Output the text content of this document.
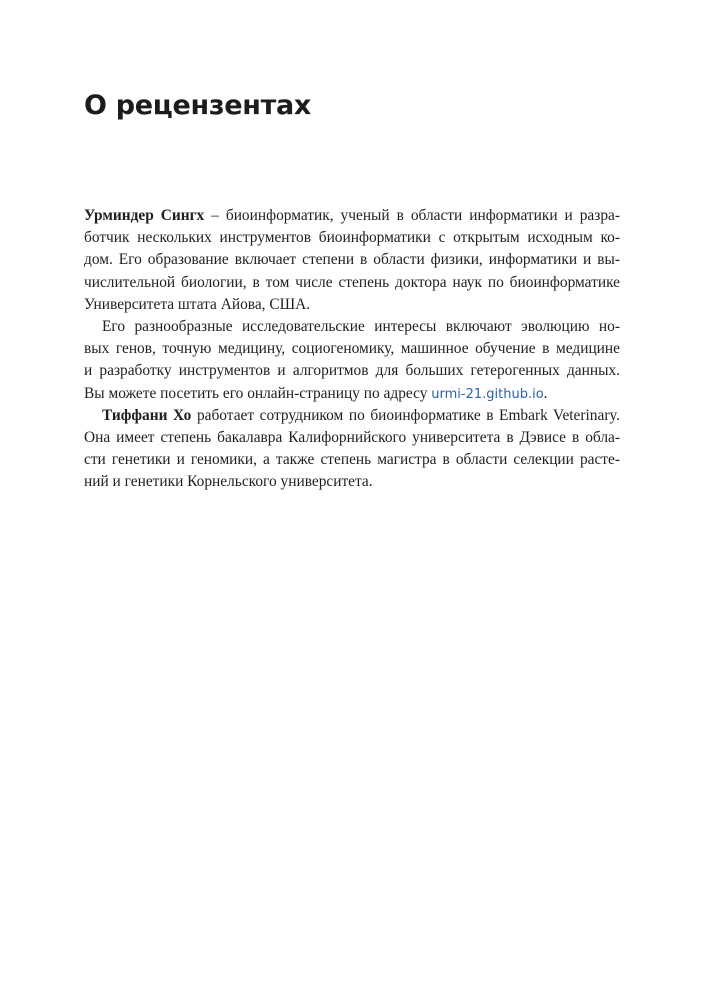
О рецензентах
Урминдер Сингх – биоинформатик, ученый в области информатики и разра-
ботчик нескольких инструментов биоинформатики с открытым исходным ко-
дом. Его образование включает степени в области физики, информатики и вы-
числительной биологии, в том числе степень доктора наук по биоинформатике
Университета штата Айова, США.
Его разнообразные исследовательские интересы включают эволюцию но-
вых генов, точную медицину, социогеномику, машинное обучение в медицине
и разработку инструментов и алгоритмов для больших гетерогенных данных.
Вы можете посетить его онлайн-страницу по адресу urmi-21.github.io.
Тиффани Хо работает сотрудником по биоинформатике в Embark Veterinary.
Она имеет степень бакалавра Калифорнийского университета в Дэвисе в обла-
сти генетики и геномики, а также степень магистра в области селекции расте-
ний и генетики Корнельского университета.
